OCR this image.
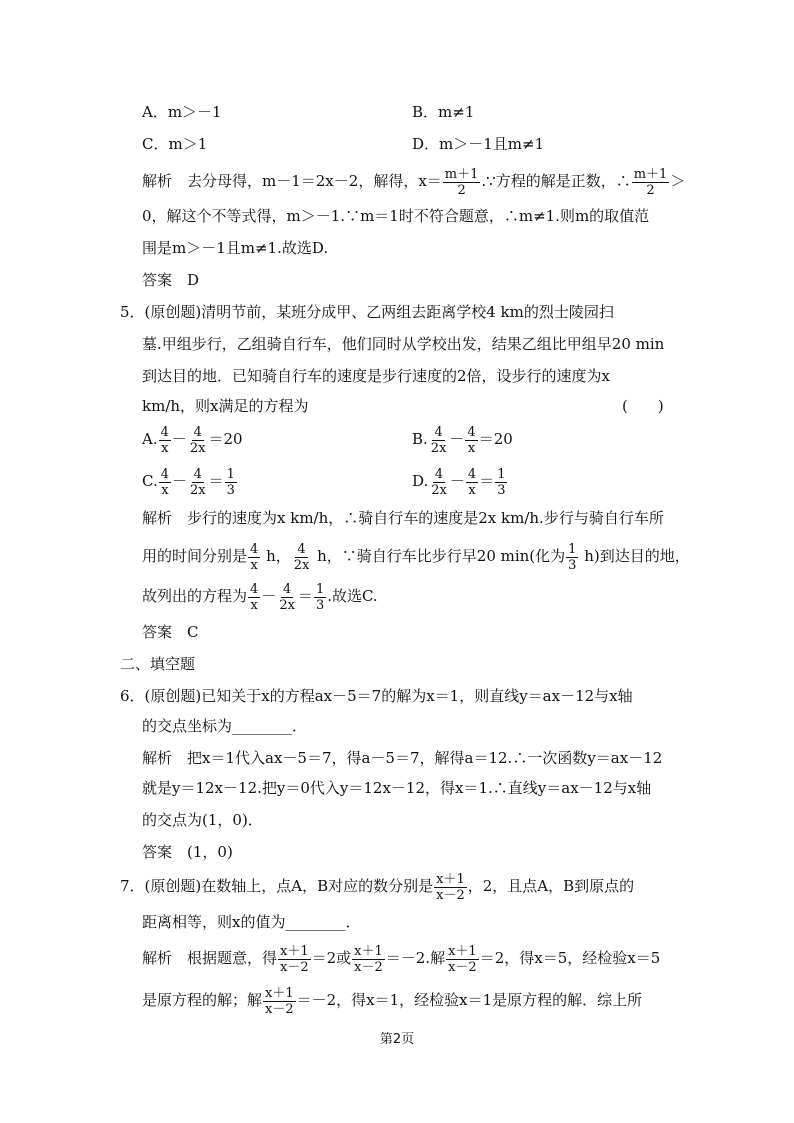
A．m＞－1	B．m≠1
C．m＞1	D．m＞－1且m≠1
解析　去分母得，m－1＝2x－2，解得，$x= \frac{m+1}{2}$ .∵方程的解是正数，∴ $\frac{m+1}{2}$ ＞
0，解这个不等式得，m＞－1.∵m＝1时不符合题意，∴m≠1.则m的取值范
围是m＞－1且m≠1.故选D.
答案　D
5．(原创题)清明节前，某班分成甲、乙两组去距离学校4 km的烈士陵园扫
墓.甲组步行，乙组骑自行车，他们同时从学校出发，结果乙组比甲组早20 min
到达目的地．已知骑自行车的速度是步行速度的2倍，设步行的速度为x
km/h，则x满足的方程为	(　　)
A. $\frac{4}{x} - \frac{4}{2x} =20$	B. $\frac{4}{2x} - \frac{4}{x} =20$
C. $\frac{4}{x} - \frac{4}{2x} = \frac{1}{3}$	D. $\frac{4}{2x} - \frac{4}{x} = \frac{1}{3}$
解析　步行的速度为x km/h，∴骑自行车的速度是2x km/h.步行与骑自行车所
用的时间分别是 $\frac{4}{x}$ h， $\frac{4}{2x}$ h，∵骑自行车比步行早20 min(化为 $\frac{1}{3} h$)到达目的地，
故列出的方程为 $\frac{4}{x} - \frac{4}{2x} = \frac{1}{3}$ .故选C.
答案　C
二、填空题
6．(原创题)已知关于x的方程ax－5＝7的解为x＝1，则直线y＝ax－12与x轴
的交点坐标为________．
解析　把x＝1代入ax－5＝7，得a－5＝7，解得a＝12.∴一次函数y＝ax－12
就是y＝12x－12.把y＝0代入y＝12x－12，得x＝1.∴直线y＝ax－12与x轴
的交点为(1，0)．
答案　(1，0)
7．(原创题)在数轴上，点A，B对应的数分别是 $\frac{x+1}{x-2}$ ，2，且点A，B到原点的
距离相等，则x的值为________．
解析　根据题意，得 $\frac{x+1}{x-2} =2$或 $\frac{x+1}{x-2} =-2$.解 $\frac{x+1}{x-2} =2$，得x＝5，经检验x＝5
是原方程的解；解 $\frac{x+1}{x-2} =-2$，得x＝1，经检验x＝1是原方程的解．综上所
第2页
